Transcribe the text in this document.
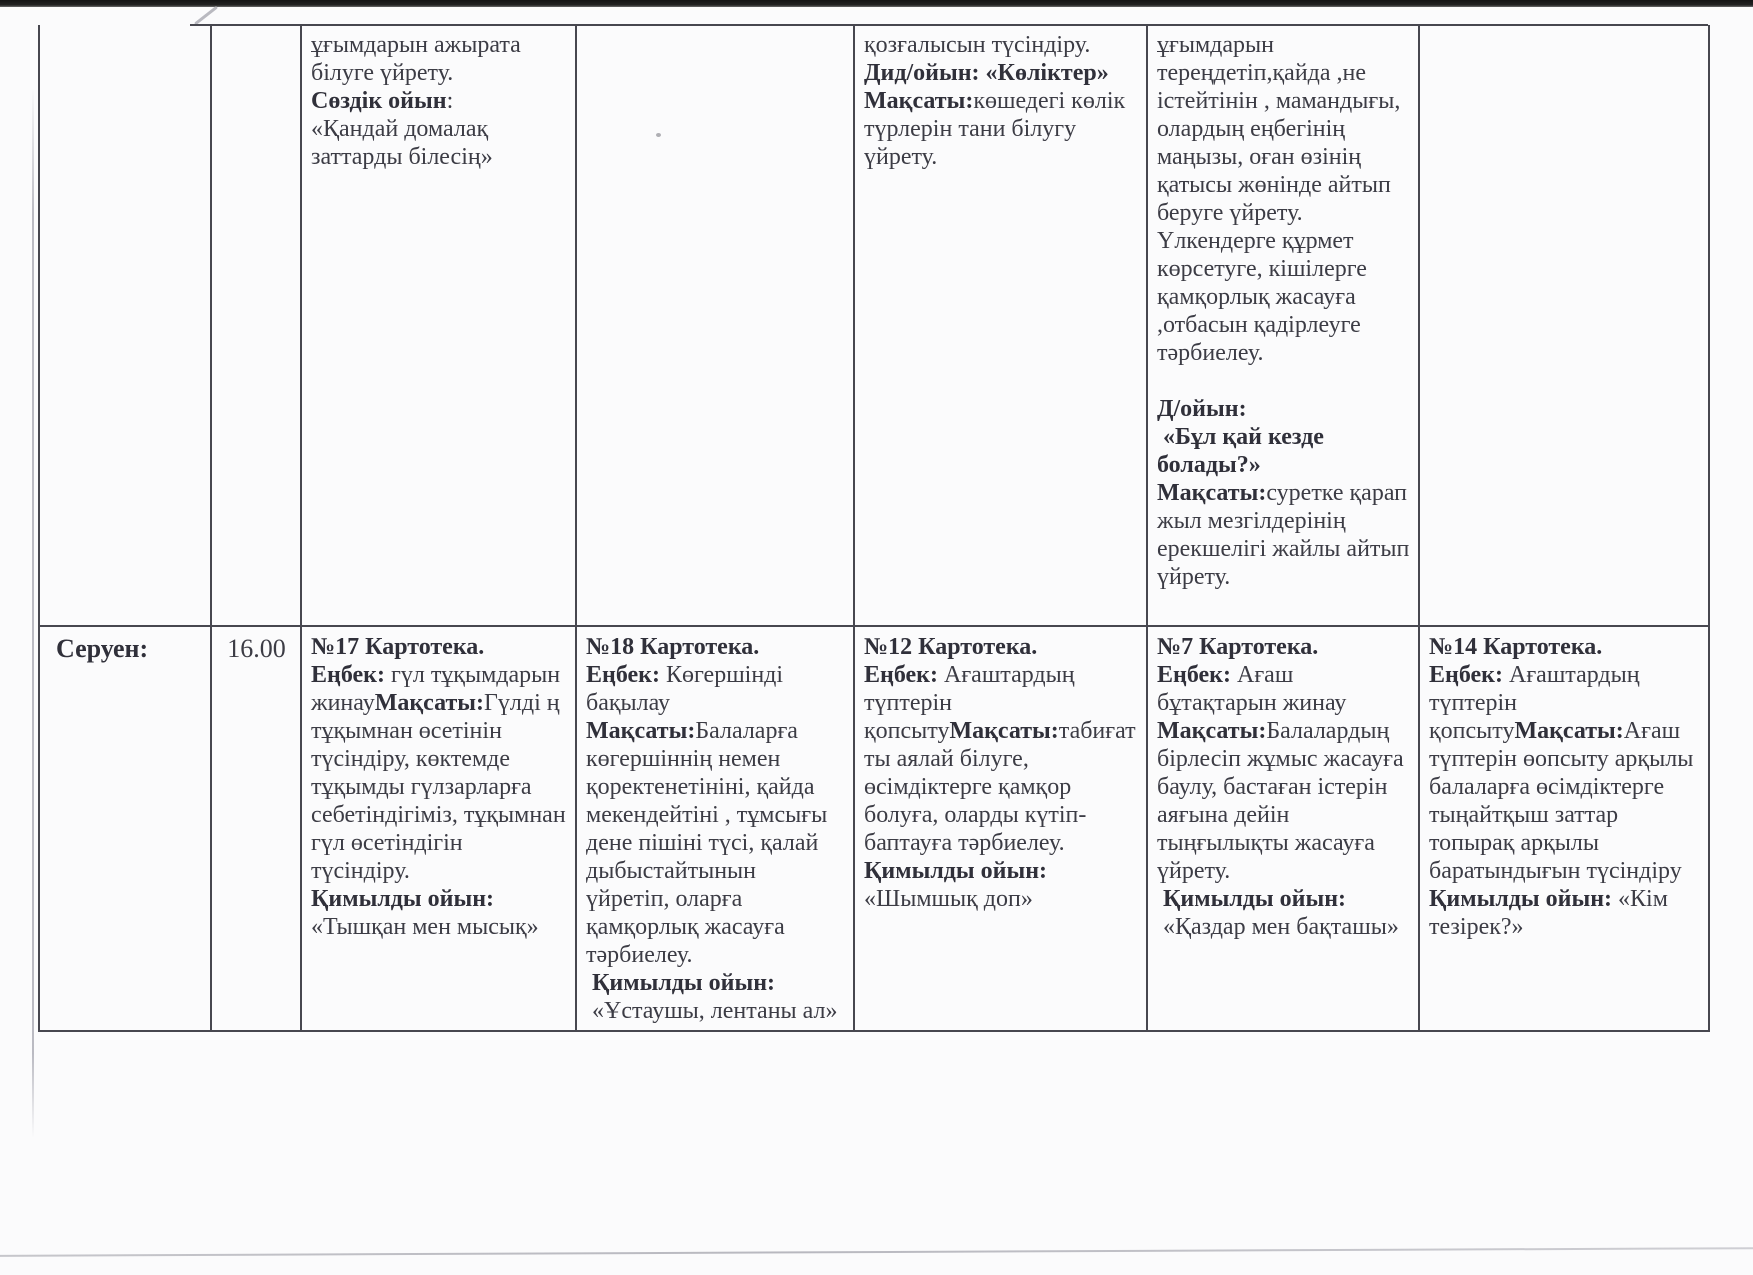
ұғымдарын ажырата білуге үйрету.

Сөздік ойын:

«Қандай домалақ заттарды білесің»

қозғалысын түсіндіру.

Дид/ойын: «Көліктер»

Мақсаты:көшедегі көлік түрлерін тани білугу үйрету.

ұғымдарын тереңдетіп,қайда ,не істейтінін , мамандығы, олардың еңбегінің маңызы, оған өзінің қатысы жөнінде айтып беруге үйрету. Үлкендерге құрмет көрсетуге, кішілерге қамқорлық жасауға ,отбасын қадірлеуге тәрбиелеу.

Д/ойын:

«Бұл қай кезде болады?»

Мақсаты:суретке қарап жыл мезгілдерінің ерекшелігі жайлы айтып үйрету.

Серуен:	16.00 №17 Картотека.

Еңбек: гүл тұқымдарын жинауМақсаты:Гүлді ң тұқымнан өсетінін түсіндіру, көктемде тұқымды гүлзарларға себетіндігіміз, тұқымнан гүл өсетіндігін түсіндіру.

Қимылды ойын:

«Тышқан мен мысық»

№18 Картотека.

Еңбек: Көгершінді бақылау

Мақсаты:Балаларға көгершіннің немен қоректенетініні, қайда мекендейтіні , тұмсығы дене пішіні түсі, қалай дыбыстайтынын үйретіп, оларға қамқорлық жасауға тәрбиелеу.

Қимылды ойын:

«Ұстаушы, лентаны ал»

№12 Картотека.

Еңбек: Ағаштардың түптерін қопсытуМақсаты:табиғат ты аялай білуге, өсімдіктерге қамқор болуға, оларды күтіп-баптауға тәрбиелеу.

Қимылды ойын:

«Шымшық доп»

№7 Картотека.

Еңбек: Ағаш бұтақтарын жинау

Мақсаты:Балалардың бірлесіп жұмыс жасауға баулу, бастаған істерін аяғына дейін тыңғылықты жасауға үйрету.

Қимылды ойын:

«Қаздар мен бақташы»

№14 Картотека.

Еңбек: Ағаштардың түптерін қопсытуМақсаты:Ағаш түптерін өопсыту арқылы балаларға өсімдіктерге тыңайтқыш заттар топырақ арқылы баратындығын түсіндіру Қимылды ойын: «Кім тезірек?»
